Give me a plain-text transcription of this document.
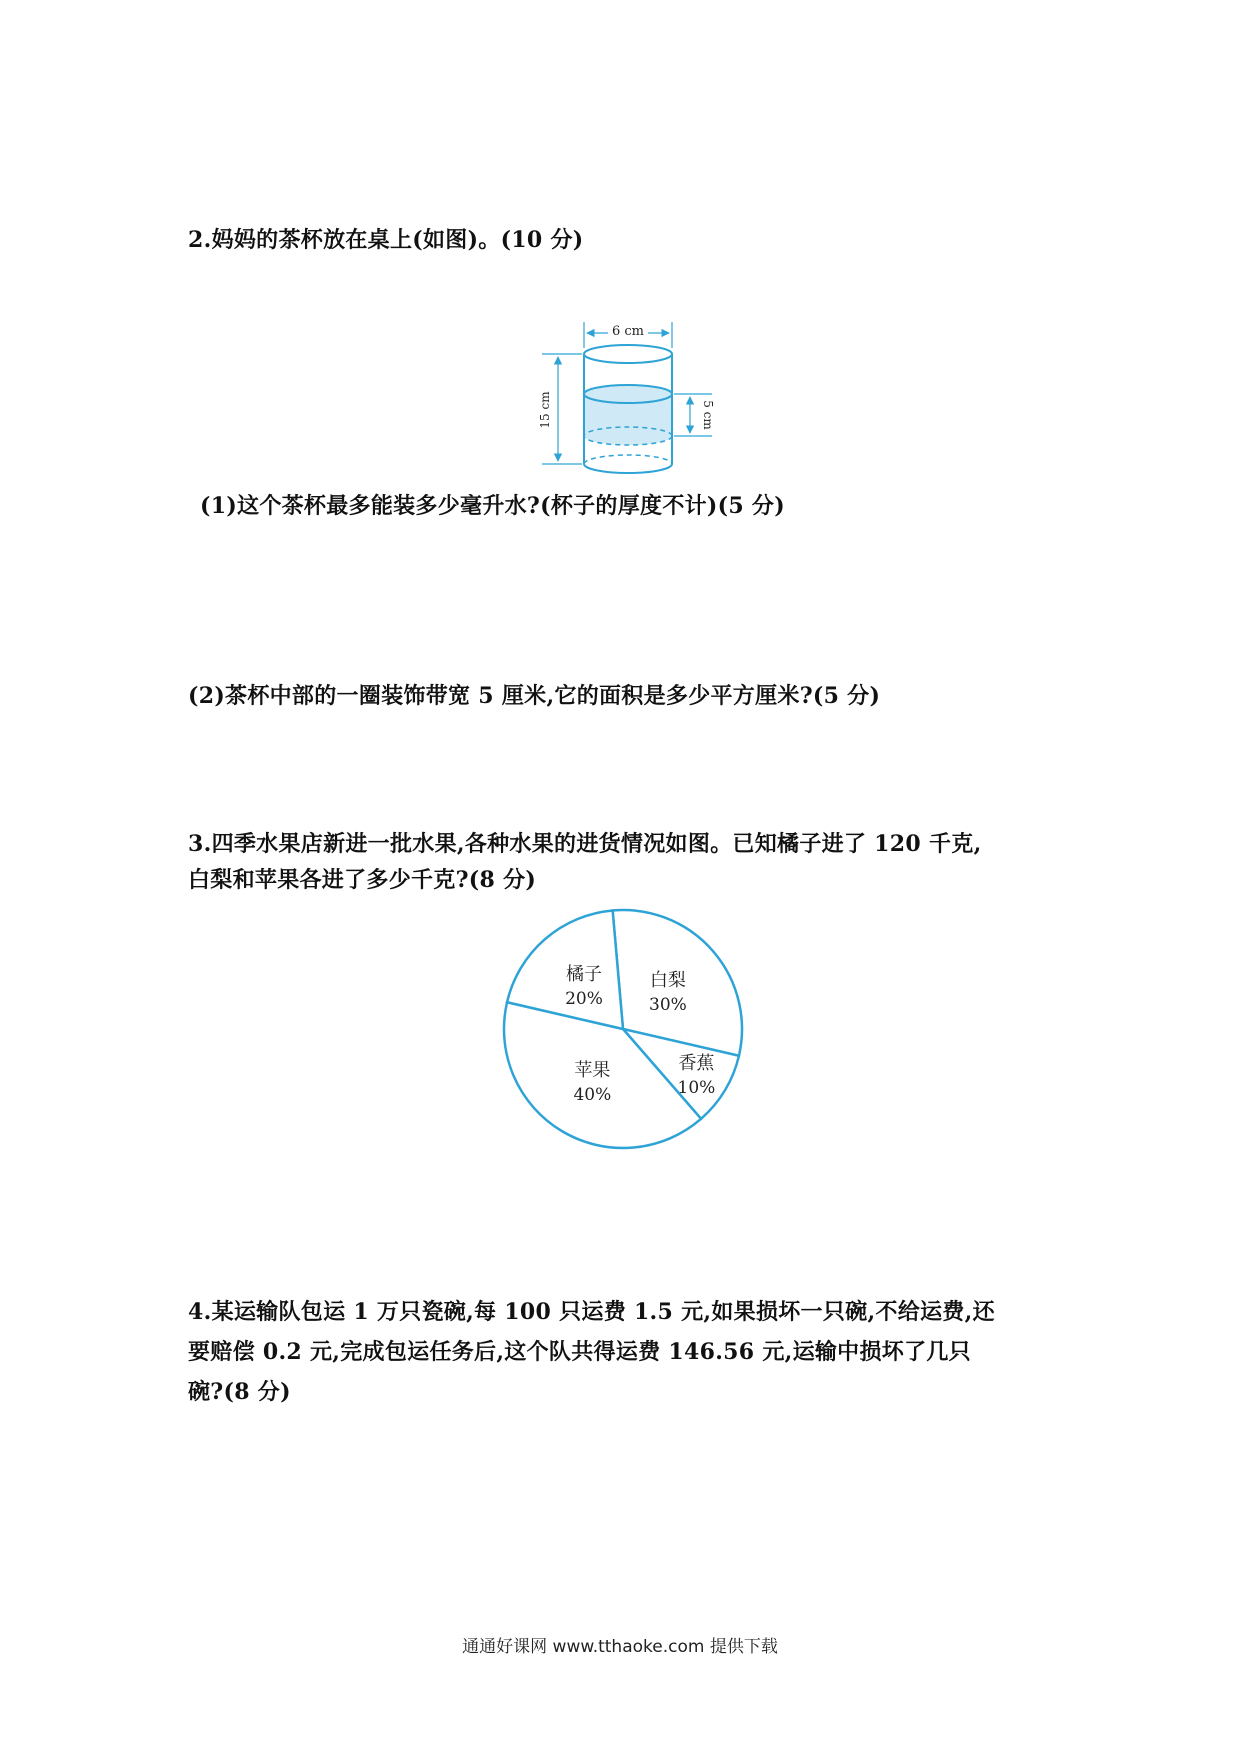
2.妈妈的茶杯放在桌上(如图)。(10 分)

6 cm
15 cm	5 cm

(1)这个茶杯最多能装多少毫升水?(杯子的厚度不计)(5 分)

(2)茶杯中部的一圈装饰带宽 5 厘米,它的面积是多少平方厘米?(5 分)

3.四季水果店新进一批水果,各种水果的进货情况如图。已知橘子进了 120 千克,
白梨和苹果各进了多少千克?(8 分)

橘子
20%
白梨
30%
香蕉
10%
苹果
40%

4.某运输队包运 1 万只瓷碗,每 100 只运费 1.5 元,如果损坏一只碗,不给运费,还
要赔偿 0.2 元,完成包运任务后,这个队共得运费 146.56 元,运输中损坏了几只
碗?(8 分)

通通好课网 www.tthaoke.com 提供下载
